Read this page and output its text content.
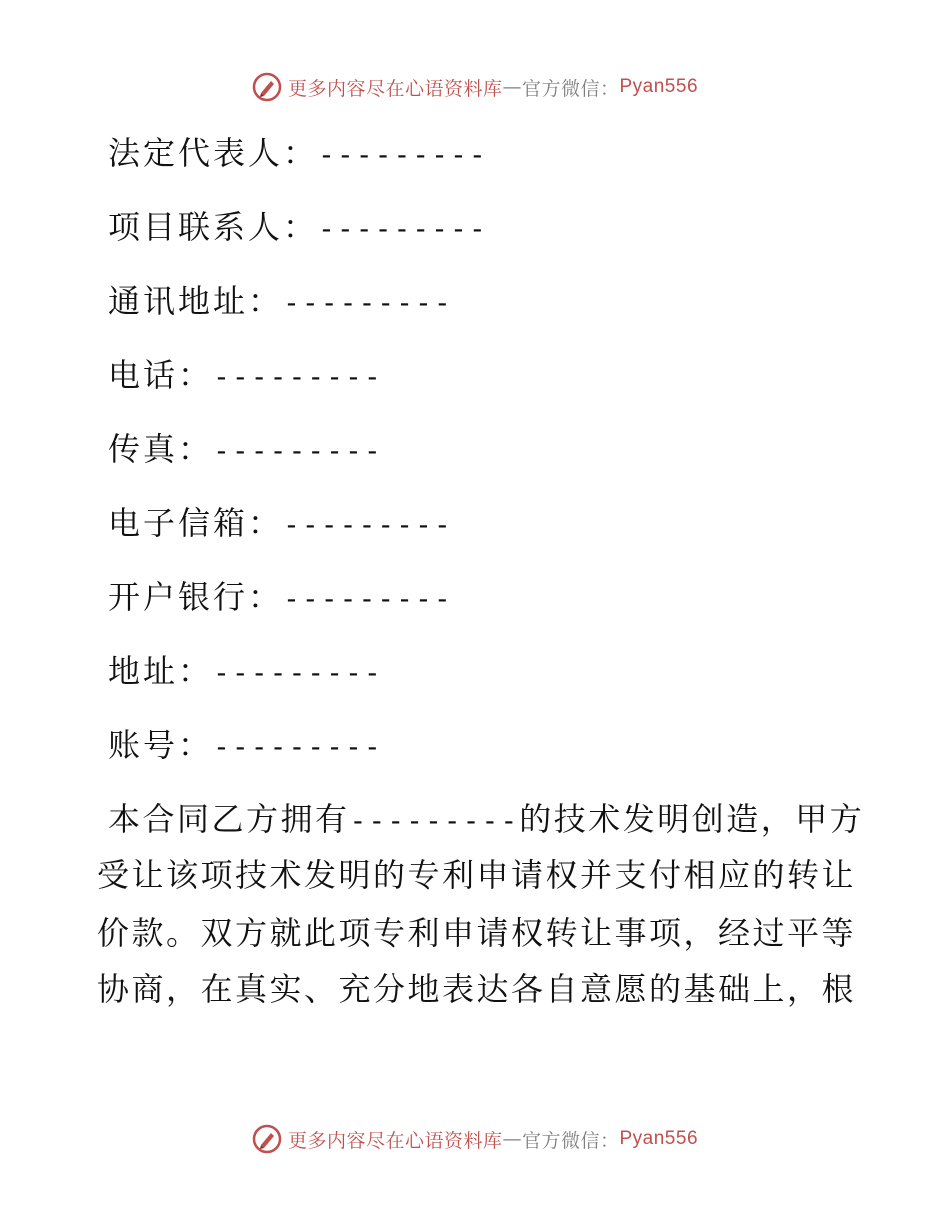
更多内容尽在心语资料库 — 官方微信： Pyan556
法定代表人：---------
项目联系人：---------
通讯地址：---------
电话：---------
传真：---------
电子信箱：---------
开户银行：---------
地址：---------
账号：---------
本合同乙方拥有---------的技术发明创造，甲方
受让该项技术发明的专利申请权并支付相应的转让
价款。双方就此项专利申请权转让事项，经过平等
协商，在真实、充分地表达各自意愿的基础上，根
更多内容尽在心语资料库 — 官方微信： Pyan556
